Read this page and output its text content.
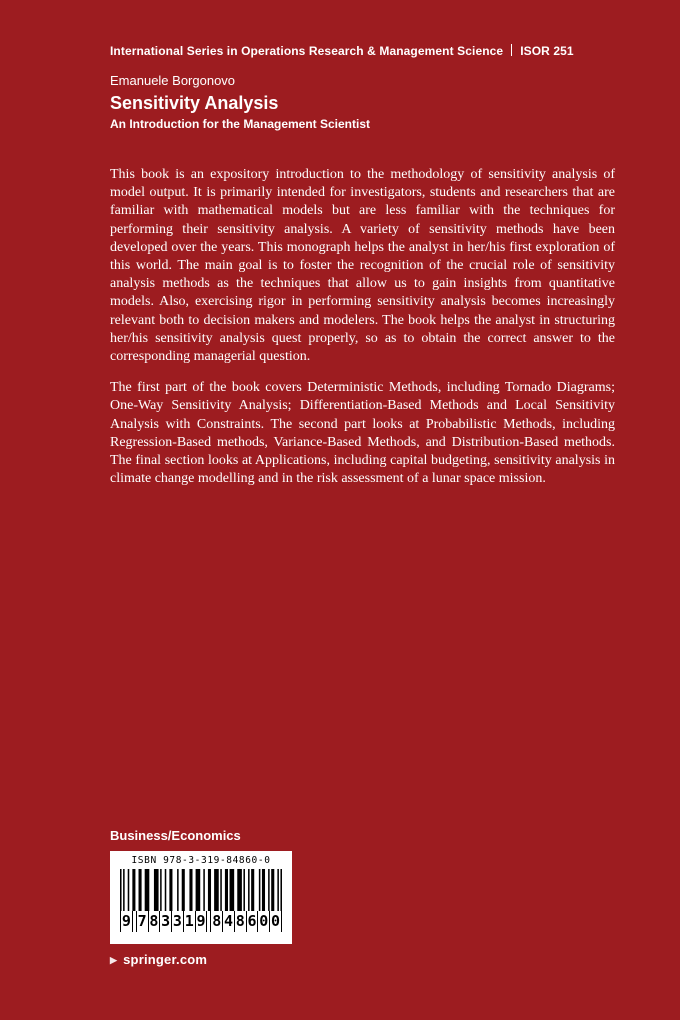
International Series in Operations Research & Management Science ISOR 251
Emanuele Borgonovo
Sensitivity Analysis
An Introduction for the Management Scientist

This book is an expository introduction to the methodology of sensitivity analysis of model output. It is primarily intended for investigators, students and researchers that are familiar with mathematical models but are less familiar with the techniques for performing their sensitivity analysis. A variety of sensitivity methods have been developed over the years. This monograph helps the analyst in her/his first exploration of this world. The main goal is to foster the recognition of the crucial role of sensitivity analysis methods as the techniques that allow us to gain insights from quantitative models. Also, exercising rigor in performing sensitivity analysis becomes increasingly relevant both to decision makers and modelers. The book helps the analyst in structuring her/his sensitivity analysis quest properly, so as to obtain the correct answer to the corresponding managerial question.

The first part of the book covers Deterministic Methods, including Tornado Diagrams; One-Way Sensitivity Analysis; Differentiation-Based Methods and Local Sensitivity Analysis with Constraints. The second part looks at Probabilistic Methods, including Regression-Based methods, Variance-Based Methods, and Distribution-Based methods. The final section looks at Applications, including capital budgeting, sensitivity analysis in climate change modelling and in the risk assessment of a lunar space mission.

Business/Economics
ISBN 978-3-319-84860-0
9 7 8 3 3 1 9 8 4 8 6 0 0
▶ springer.com
